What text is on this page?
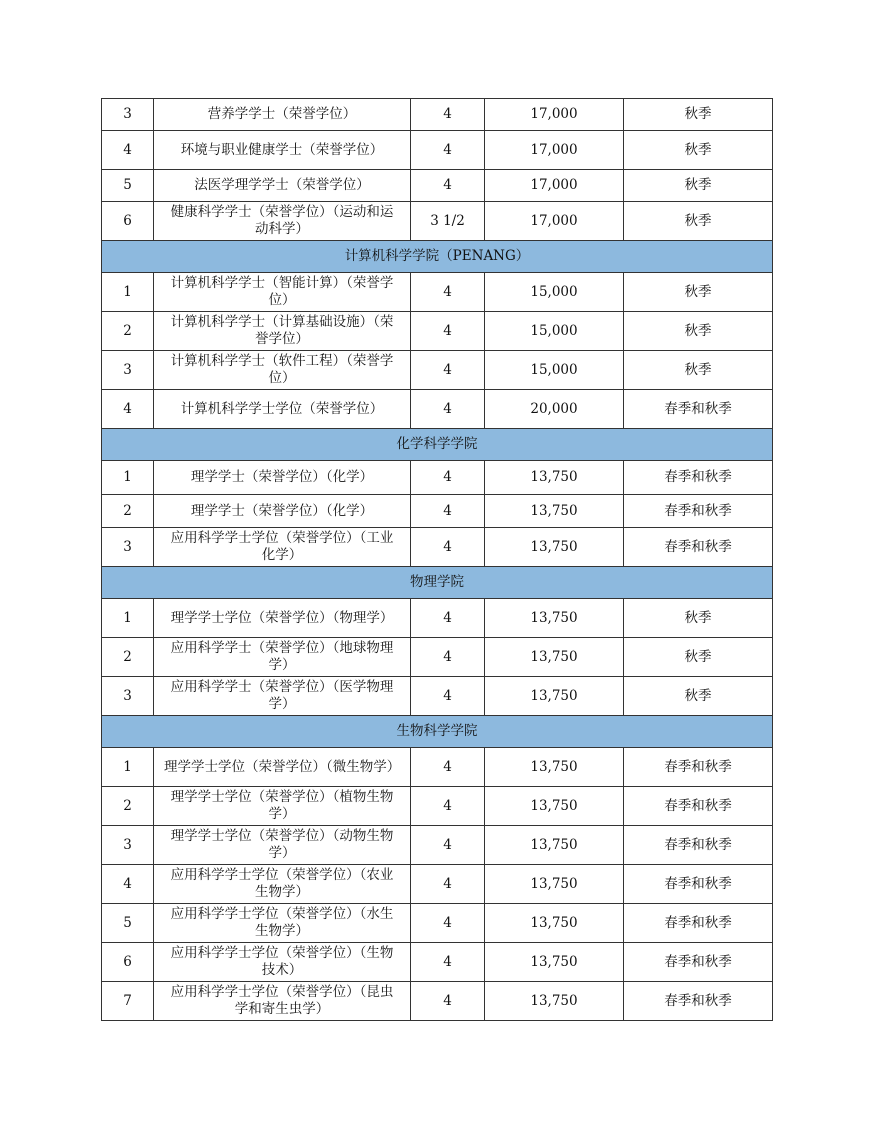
3	营养学学士（荣誉学位）	4	17,000	秋季
4	环境与职业健康学士（荣誉学位）	4	17,000	秋季
5	法医学理学学士（荣誉学位）	4	17,000	秋季
6	健康科学学士（荣誉学位）（运动和运动科学）	3 1/2	17,000	秋季
计算机科学学院（PENANG）				
1	计算机科学学士（智能计算）（荣誉学位）	4	15,000	秋季
2	计算机科学学士（计算基础设施）（荣誉学位）	4	15,000	秋季
3	计算机科学学士（软件工程）（荣誉学位）	4	15,000	秋季
4	计算机科学学士学位（荣誉学位）	4	20,000	春季和秋季
化学科学学院				
1	理学学士（荣誉学位）（化学）	4	13,750	春季和秋季
2	理学学士（荣誉学位）（化学）	4	13,750	春季和秋季
3	应用科学学士学位（荣誉学位）（工业化学）	4	13,750	春季和秋季
物理学院				
1	理学学士学位（荣誉学位）（物理学）	4	13,750	秋季
2	应用科学学士（荣誉学位）（地球物理学）	4	13,750	秋季
3	应用科学学士（荣誉学位）（医学物理学）	4	13,750	秋季
生物科学学院				
1	理学学士学位（荣誉学位）（微生物学）	4	13,750	春季和秋季
2	理学学士学位（荣誉学位）（植物生物学）	4	13,750	春季和秋季
3	理学学士学位（荣誉学位）（动物生物学）	4	13,750	春季和秋季
4	应用科学学士学位（荣誉学位）（农业生物学）	4	13,750	春季和秋季
5	应用科学学士学位（荣誉学位）（水生生物学）	4	13,750	春季和秋季
6	应用科学学士学位（荣誉学位）（生物技术）	4	13,750	春季和秋季
7	应用科学学士学位（荣誉学位）（昆虫学和寄生虫学）	4	13,750	春季和秋季
